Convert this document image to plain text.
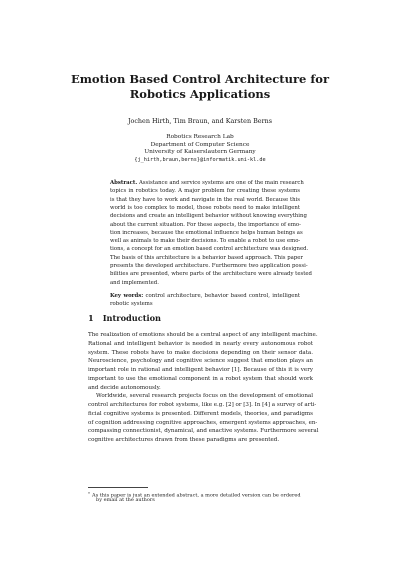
Emotion Based Control Architecture for
Robotics Applications

Jochen Hirth, Tim Braun, and Karsten Berns

Robotics Research Lab

Department of Computer Science

University of Kaiserslautern Germany

{j_hirth,braun,berns}@informatik.uni-kl.de

Abstract. Assistance and service systems are one of the main research

topics in robotics today. A major problem for creating these systems

is that they have to work and navigate in the real world. Because this

world is too complex to model, those robots need to make intelligent

decisions and create an intelligent behavior without knowing everything

about the current situation. For these aspects, the importance of emo-

tion increases, because the emotional influence helps human beings as

well as animals to make their decisions. To enable a robot to use emo-

tions, a concept for an emotion based control architecture was designed.

The basis of this architecture is a behavior based approach. This paper

presents the developed architecture. Furthermore two application possi-

bilities are presented, where parts of the architecture were already tested

and implemented.

Key words: control architecture, behavior based control, intelligent

robotic systems

1 Introduction

The realization of emotions should be a central aspect of any intelligent machine.

Rational and intelligent behavior is needed in nearly every autonomous robot

system. These robots have to make decisions depending on their sensor data.

Neuroscience, psychology and cognitive science suggest that emotion plays an

important role in rational and intelligent behavior [1]. Because of this it is very

important to use the emotional component in a robot system that should work

and decide autonomously.

Worldwide, several research projects focus on the development of emotional

control architectures for robot systems, like e.g. [2] or [3]. In [4] a survey of arti-

ficial cognitive systems is presented. Different models, theories, and paradigms

of cognition addressing cognitive approaches, emergent systems approaches, en-

compassing connectionist, dynamical, and enactive systems. Furthermore several

cognitive architectures drawn from these paradigms are presented.

* As this paper is just an extended abstract, a more detailed version can be ordered

by email at the authors
